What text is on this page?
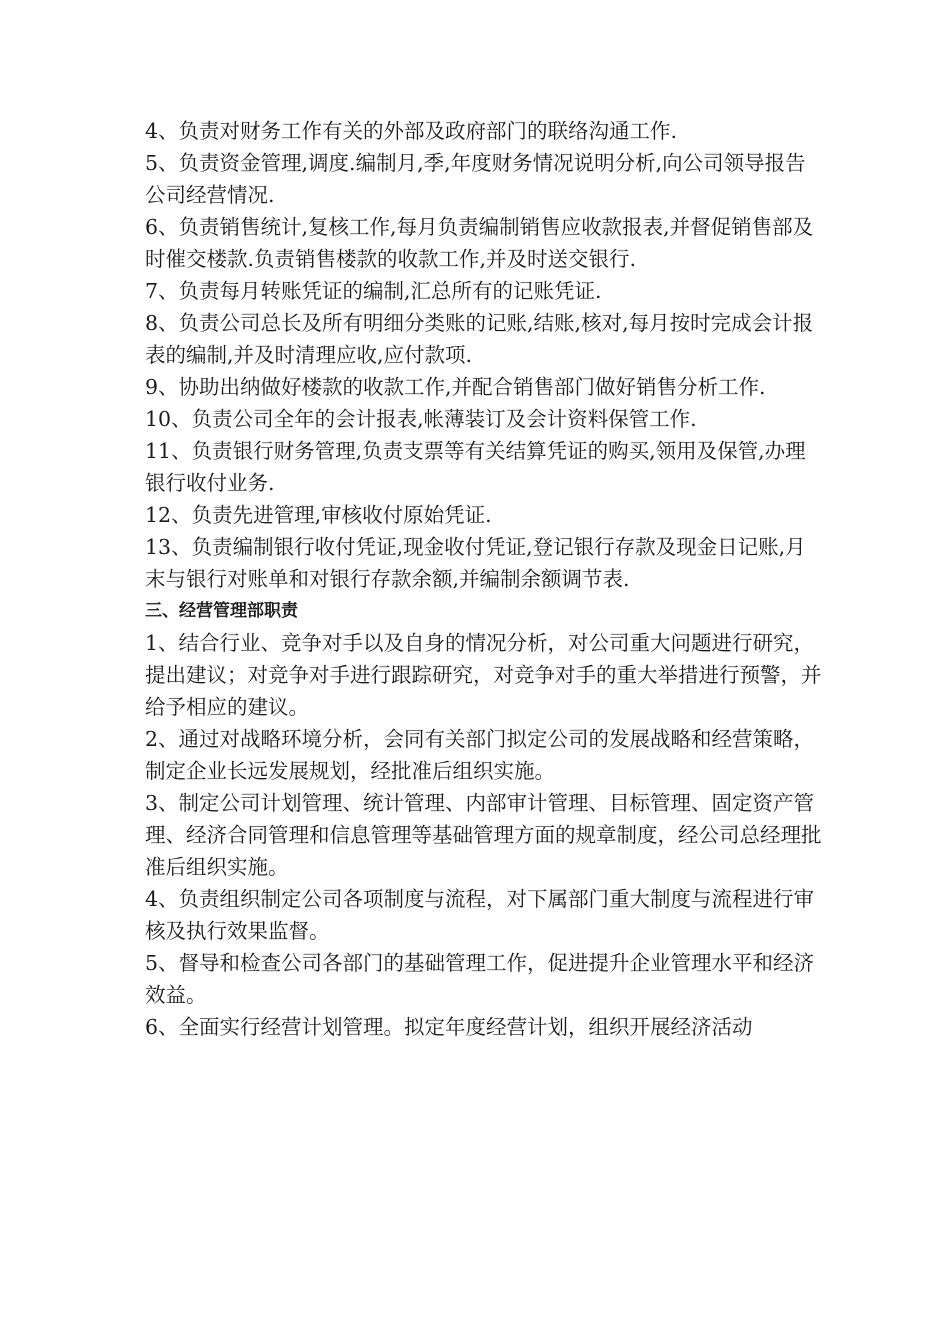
4、负责对财务工作有关的外部及政府部门的联络沟通工作.

5、负责资金管理,调度.编制月,季,年度财务情况说明分析,向公司领导报告公司经营情况.

6、负责销售统计,复核工作,每月负责编制销售应收款报表,并督促销售部及时催交楼款.负责销售楼款的收款工作,并及时送交银行.

7、负责每月转账凭证的编制,汇总所有的记账凭证.

8、负责公司总长及所有明细分类账的记账,结账,核对,每月按时完成会计报表的编制,并及时清理应收,应付款项.

9、协助出纳做好楼款的收款工作,并配合销售部门做好销售分析工作.

10、负责公司全年的会计报表,帐薄装订及会计资料保管工作.

11、负责银行财务管理,负责支票等有关结算凭证的购买,领用及保管,办理银行收付业务.

12、负责先进管理,审核收付原始凭证.

13、负责编制银行收付凭证,现金收付凭证,登记银行存款及现金日记账,月末与银行对账单和对银行存款余额,并编制余额调节表.

三、经营管理部职责

1、结合行业、竞争对手以及自身的情况分析，对公司重大问题进行研究，提出建议；对竞争对手进行跟踪研究，对竞争对手的重大举措进行预警，并给予相应的建议。

2、通过对战略环境分析，会同有关部门拟定公司的发展战略和经营策略，制定企业长远发展规划，经批准后组织实施。

3、制定公司计划管理、统计管理、内部审计管理、目标管理、固定资产管理、经济合同管理和信息管理等基础管理方面的规章制度，经公司总经理批准后组织实施。

4、负责组织制定公司各项制度与流程，对下属部门重大制度与流程进行审核及执行效果监督。

5、督导和检查公司各部门的基础管理工作，促进提升企业管理水平和经济效益。

6、全面实行经营计划管理。拟定年度经营计划，组织开展经济活动
